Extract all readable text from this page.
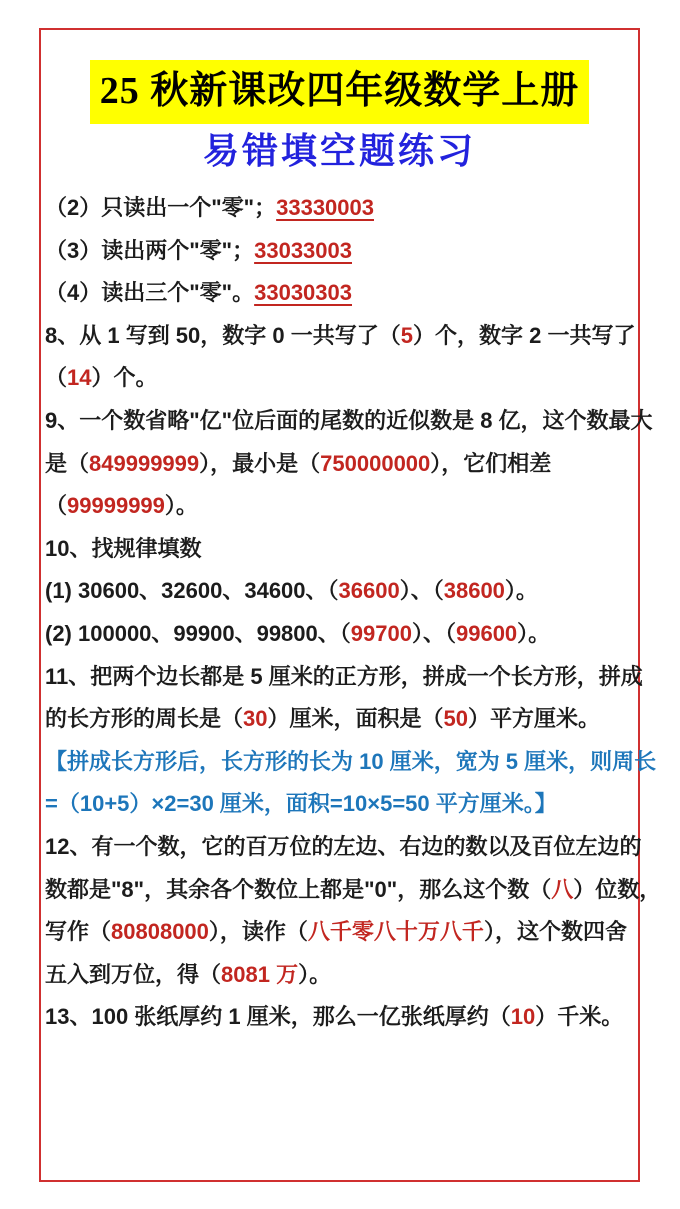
25 秋新课改四年级数学上册
易错填空题练习
（2）只读出一个"零"；33330003
（3）读出两个"零"；33033003
（4）读出三个"零"。33030303
8、从 1 写到 50，数字 0 一共写了（5）个，数字 2 一共写了
（14）个。
9、一个数省略"亿"位后面的尾数的近似数是 8 亿，这个数最大
是（849999999），最小是（750000000），它们相差
（99999999）。
10、找规律填数
(1) 30600、32600、34600、（36600）、（38600）。
(2) 100000、99900、99800、（99700）、（99600）。
11、把两个边长都是 5 厘米的正方形，拼成一个长方形，拼成
的长方形的周长是（30）厘米，面积是（50）平方厘米。
【拼成长方形后，长方形的长为 10 厘米，宽为 5 厘米，则周长
=（10+5）×2=30 厘米，面积=10×5=50 平方厘米。】
12、有一个数，它的百万位的左边、右边的数以及百位左边的
数都是"8"，其余各个数位上都是"0"，那么这个数（八）位数，
写作（80808000），读作（八千零八十万八千），这个数四舍
五入到万位，得（8081 万）。
13、100 张纸厚约 1 厘米，那么一亿张纸厚约（10）千米。
